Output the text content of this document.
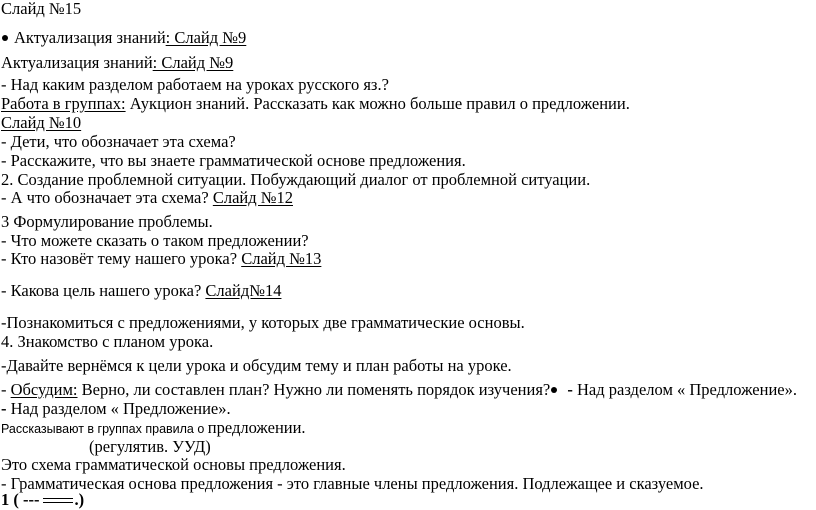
Слайд №15
Актуализация знаний: Слайд №9
Актуализация знаний: Слайд №9
- Над каким разделом работаем на уроках русского яз.?
Работа в группах: Аукцион знаний. Рассказать как можно больше правил о предложении.
Слайд №10
- Дети, что обозначает эта схема?
- Расскажите, что вы знаете грамматической основе предложения.
2. Создание проблемной ситуации. Побуждающий диалог от проблемной ситуации.
- А что обозначает эта схема? Слайд №12
3 Формулирование проблемы.
- Что можете сказать о таком предложении?
- Кто назовёт тему нашего урока? Слайд №13
- Какова цель нашего урока? Слайд№14
-Познакомиться с предложениями, у которых две грамматические основы.
4. Знакомство с планом урока.
-Давайте вернёмся к цели урока и обсудим тему и план работы на уроке.
- Обсудим: Верно, ли составлен план? Нужно ли поменять порядок изучения? - Над разделом « Предложение».
- Над разделом « Предложение».
Рассказывают в группах правила о предложении.
(регулятив. УУД)
Это схема грамматической основы предложения.
- Грамматическая основа предложения - это главные члены предложения. Подлежащее и сказуемое.
1 ( --- .)
